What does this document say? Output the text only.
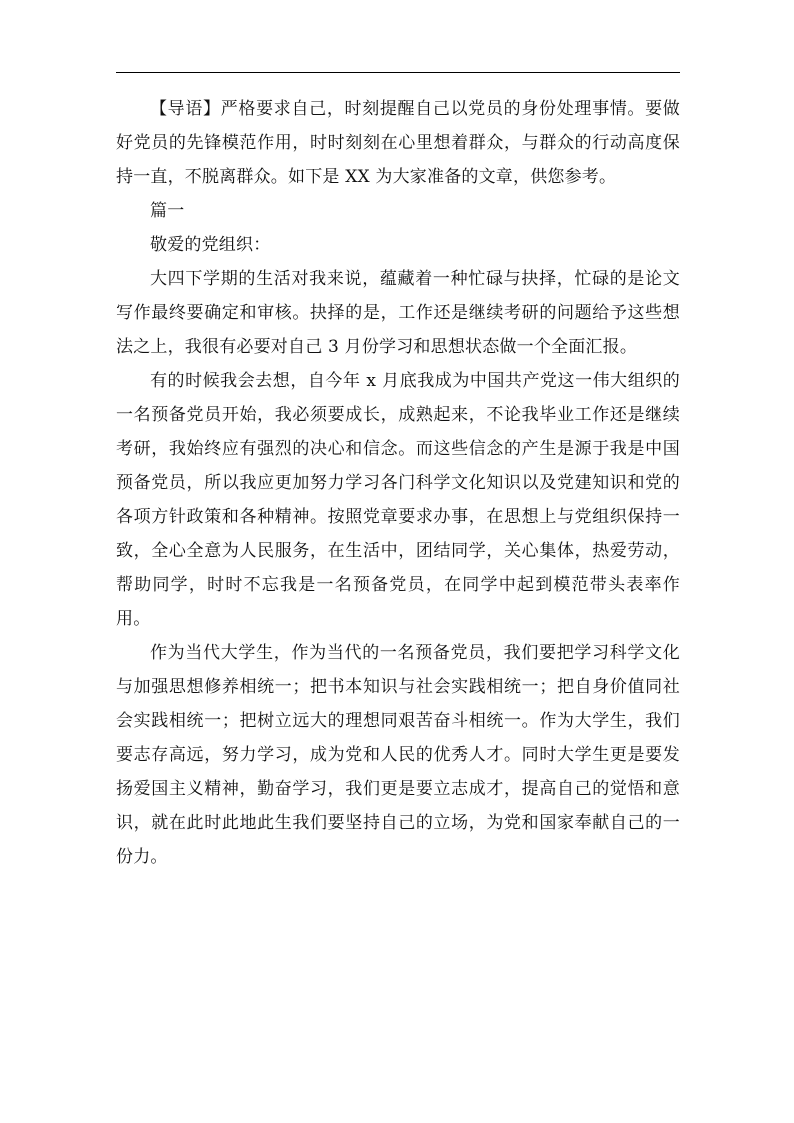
【导语】严格要求自己，时刻提醒自己以党员的身份处理事情。要做好党员的先锋模范作用，时时刻刻在心里想着群众，与群众的行动高度保持一直，不脱离群众。如下是 XX 为大家准备的文章，供您参考。

篇一

敬爱的党组织：

大四下学期的生活对我来说，蕴藏着一种忙碌与抉择，忙碌的是论文写作最终要确定和审核。抉择的是，工作还是继续考研的问题给予这些想法之上，我很有必要对自己 3 月份学习和思想状态做一个全面汇报。

有的时候我会去想，自今年 x 月底我成为中国共产党这一伟大组织的一名预备党员开始，我必须要成长，成熟起来，不论我毕业工作还是继续考研，我始终应有强烈的决心和信念。而这些信念的产生是源于我是中国预备党员，所以我应更加努力学习各门科学文化知识以及党建知识和党的各项方针政策和各种精神。按照党章要求办事，在思想上与党组织保持一致，全心全意为人民服务，在生活中，团结同学，关心集体，热爱劳动，帮助同学，时时不忘我是一名预备党员，在同学中起到模范带头表率作用。

作为当代大学生，作为当代的一名预备党员，我们要把学习科学文化与加强思想修养相统一；把书本知识与社会实践相统一；把自身价值同社会实践相统一；把树立远大的理想同艰苦奋斗相统一。作为大学生，我们要志存高远，努力学习，成为党和人民的优秀人才。同时大学生更是要发扬爱国主义精神，勤奋学习，我们更是要立志成才，提高自己的觉悟和意识，就在此时此地此生我们要坚持自己的立场，为党和国家奉献自己的一份力。
